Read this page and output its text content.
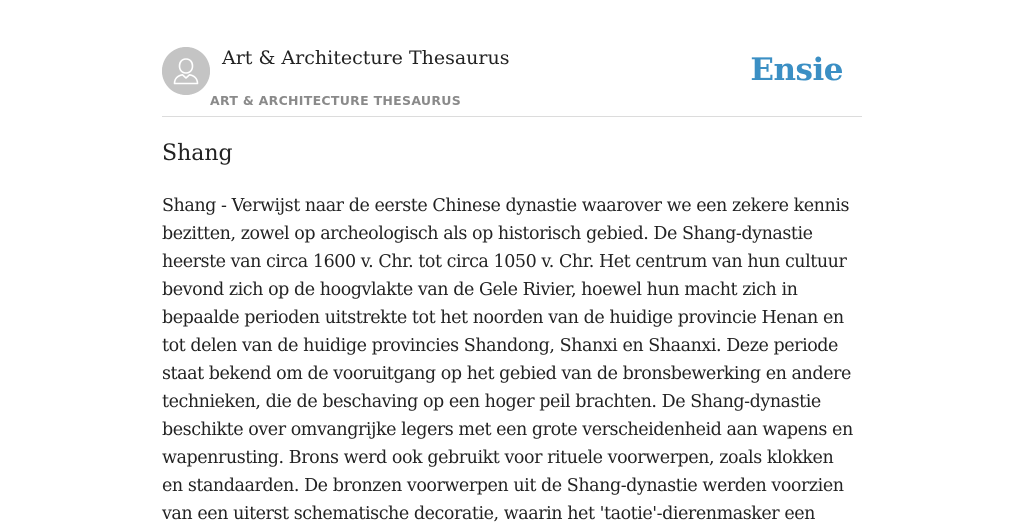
Art & Architecture Thesaurus
ART & ARCHITECTURE THESAURUS
Ensie
Shang
Shang - Verwijst naar de eerste Chinese dynastie waarover we een zekere kennis
bezitten, zowel op archeologisch als op historisch gebied. De Shang-dynastie
heerste van circa 1600 v. Chr. tot circa 1050 v. Chr. Het centrum van hun cultuur
bevond zich op de hoogvlakte van de Gele Rivier, hoewel hun macht zich in
bepaalde perioden uitstrekte tot het noorden van de huidige provincie Henan en
tot delen van de huidige provincies Shandong, Shanxi en Shaanxi. Deze periode
staat bekend om de vooruitgang op het gebied van de bronsbewerking en andere
technieken, die de beschaving op een hoger peil brachten. De Shang-dynastie
beschikte over omvangrijke legers met een grote verscheidenheid aan wapens en
wapenrusting. Brons werd ook gebruikt voor rituele voorwerpen, zoals klokken
en standaarden. De bronzen voorwerpen uit de Shang-dynastie werden voorzien
van een uiterst schematische decoratie, waarin het 'taotie'-dierenmasker een
